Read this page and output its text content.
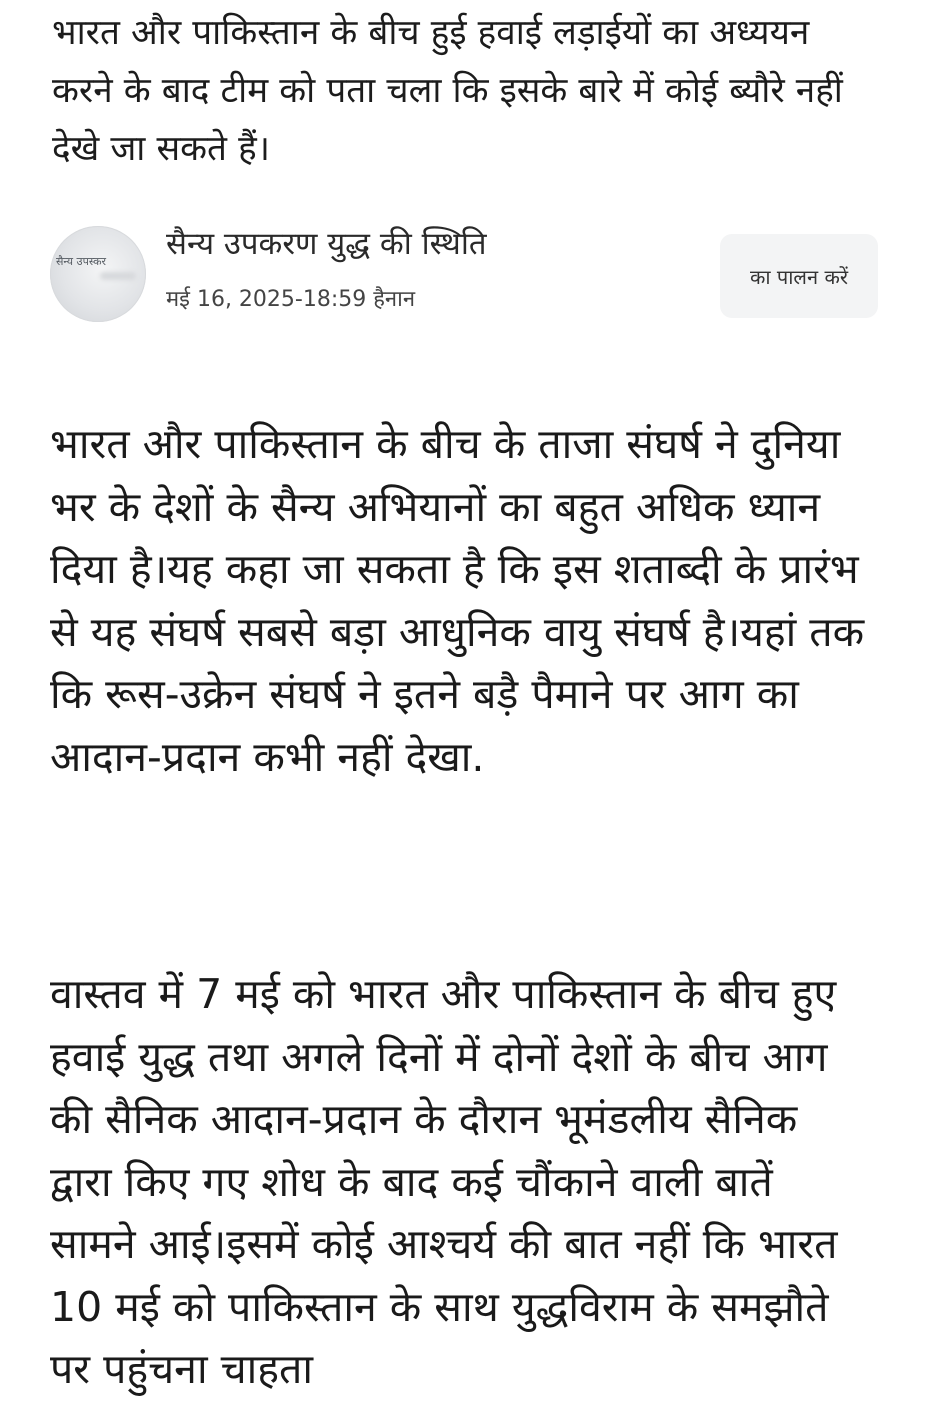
भारत और पाकिस्तान के बीच हुई हवाई लड़ाईयों का अध्ययन करने के बाद टीम को पता चला कि इसके बारे में कोई ब्यौरे नहीं देखे जा सकते हैं।

सैन्य उपस्कर	सैन्य उपकरण युद्ध की स्थिति
मई 16, 2025-18:59 हैनान
का पालन करें

भारत और पाकिस्तान के बीच के ताजा संघर्ष ने दुनिया भर के देशों के सैन्य अभियानों का बहुत अधिक ध्यान दिया है।यह कहा जा सकता है कि इस शताब्दी के प्रारंभ से यह संघर्ष सबसे बड़ा आधुनिक वायु संघर्ष है।यहां तक कि रूस-उक्रेन संघर्ष ने इतने बड़ै पैमाने पर आग का आदान-प्रदान कभी नहीं देखा.

वास्तव में 7 मई को भारत और पाकिस्तान के बीच हुए हवाई युद्ध तथा अगले दिनों में दोनों देशों के बीच आग की सैनिक आदान-प्रदान के दौरान भूमंडलीय सैनिक द्वारा किए गए शोध के बाद कई चौंकाने वाली बातें सामने आई।इसमें कोई आश्चर्य की बात नहीं कि भारत 10 मई को पाकिस्तान के साथ युद्धविराम के समझौते पर पहुंचना चाहता
